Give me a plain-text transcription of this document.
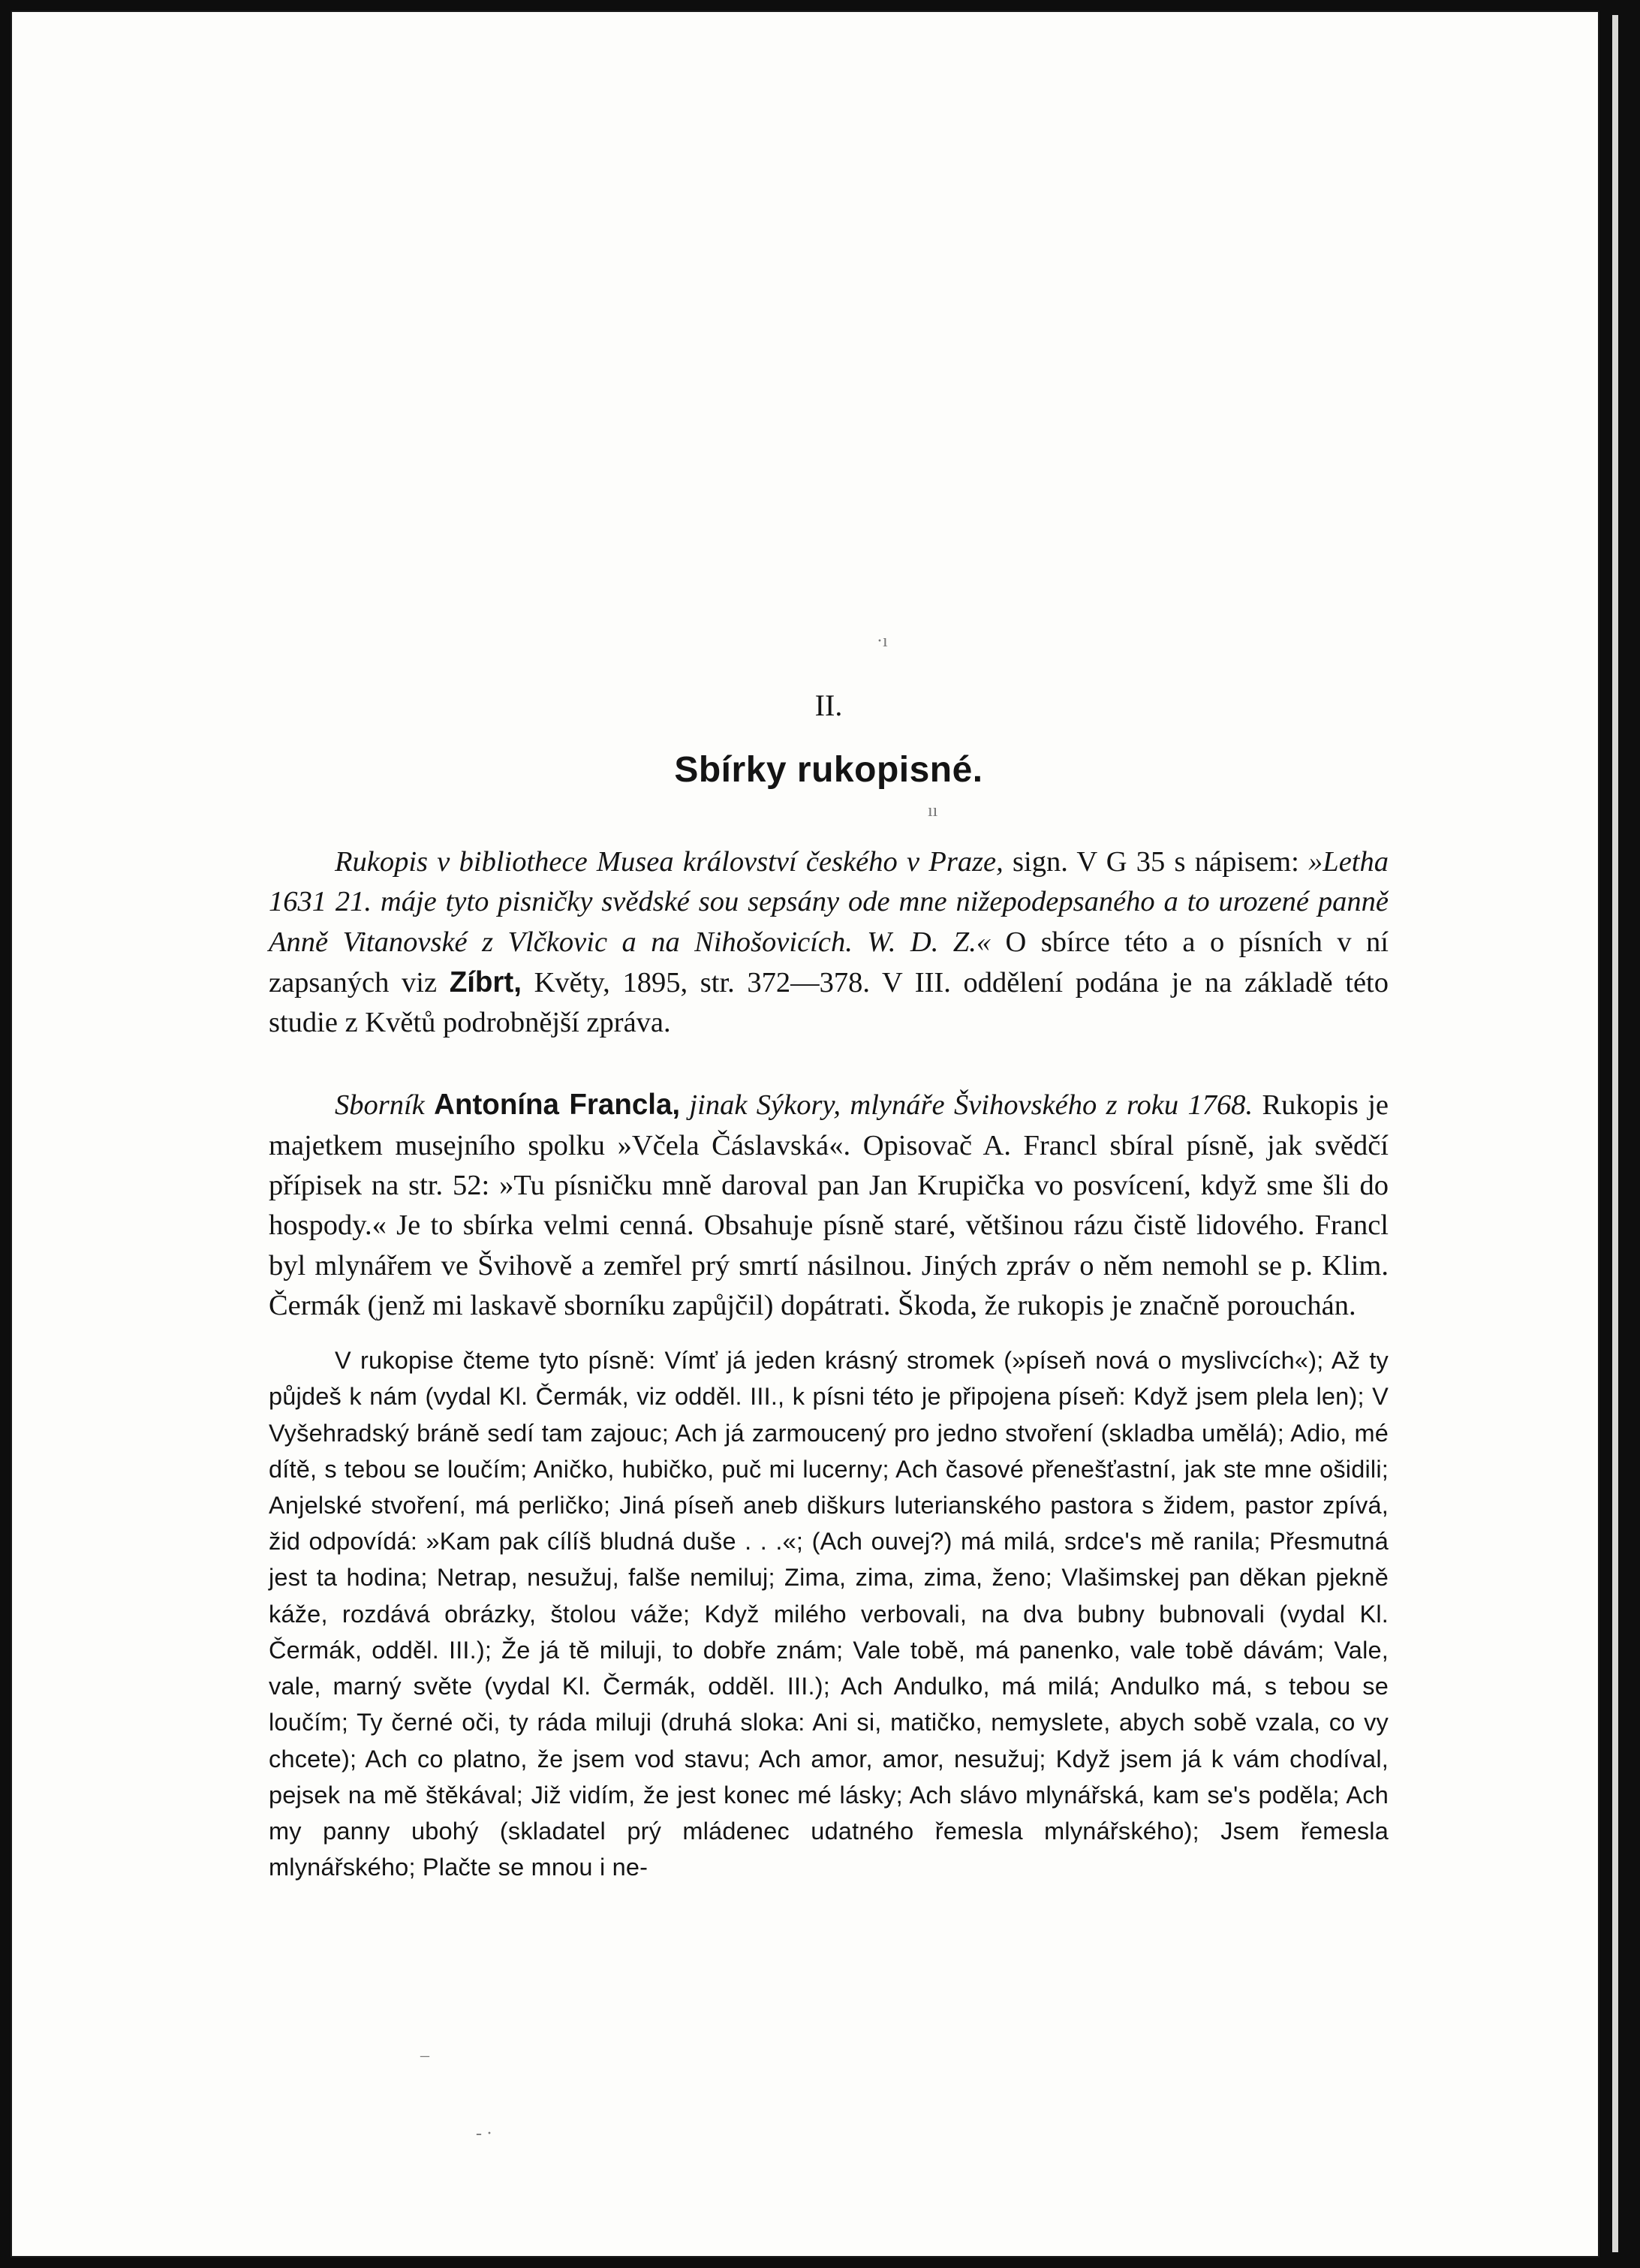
·ı
ıı
–
- ·
II.
Sbírky rukopisné.

Rukopis v bibliothece Musea království českého v Praze, sign. V G 35 s nápisem: »Letha 1631 21. máje tyto pisničky svědské sou sepsány ode mne nižepodepsaného a to urozené panně Anně Vitanovské z Vlčkovic a na Nihošovicích. W. D. Z.« O sbírce této a o písních v ní zapsaných viz Zíbrt, Květy, 1895, str. 372—378. V III. oddělení podána je na základě této studie z Květů podrobnější zpráva.

Sborník Antonína Francla, jinak Sýkory, mlynáře Švihovského z roku 1768. Rukopis je majetkem musejního spolku »Včela Čáslavská«. Opisovač A. Francl sbíral písně, jak svědčí přípisek na str. 52: »Tu písničku mně daroval pan Jan Krupička vo posvícení, když sme šli do hospody.« Je to sbírka velmi cenná. Obsahuje písně staré, většinou rázu čistě lidového. Francl byl mlynářem ve Švihově a zemřel prý smrtí násilnou. Jiných zpráv o něm nemohl se p. Klim. Čermák (jenž mi laskavě sborníku zapůjčil) dopátrati. Škoda, že rukopis je značně porouchán.

V rukopise čteme tyto písně: Vímť já jeden krásný stromek (»píseň nová o myslivcích«); Až ty půjdeš k nám (vydal Kl. Čermák, viz odděl. III., k písni této je připojena píseň: Když jsem plela len); V Vyšehradský bráně sedí tam zajouc; Ach já zarmoucený pro jedno stvoření (skladba umělá); Adio, mé dítě, s tebou se loučím; Aničko, hubičko, puč mi lucerny; Ach časové přenešťastní, jak ste mne ošidili; Anjelské stvoření, má perličko; Jiná píseň aneb diškurs luterianského pastora s židem, pastor zpívá, žid odpovídá: »Kam pak cílíš bludná duše . . .«; (Ach ouvej?) má milá, srdce's mě ranila; Přesmutná jest ta hodina; Netrap, nesužuj, falše nemiluj; Zima, zima, zima, ženo; Vlašimskej pan děkan pjekně káže, rozdává obrázky, štolou váže; Když milého verbovali, na dva bubny bubnovali (vydal Kl. Čermák, odděl. III.); Že já tě miluji, to dobře znám; Vale tobě, má panenko, vale tobě dávám; Vale, vale, marný světe (vydal Kl. Čermák, odděl. III.); Ach Andulko, má milá; Andulko má, s tebou se loučím; Ty černé oči, ty ráda miluji (druhá sloka: Ani si, matičko, nemyslete, abych sobě vzala, co vy chcete); Ach co platno, že jsem vod stavu; Ach amor, amor, nesužuj; Když jsem já k vám chodíval, pejsek na mě štěkával; Již vidím, že jest konec mé lásky; Ach slávo mlynářská, kam se's poděla; Ach my panny ubohý (skladatel prý mládenec udatného řemesla mlynářského); Jsem řemesla mlynářského; Plačte se mnou i ne-
